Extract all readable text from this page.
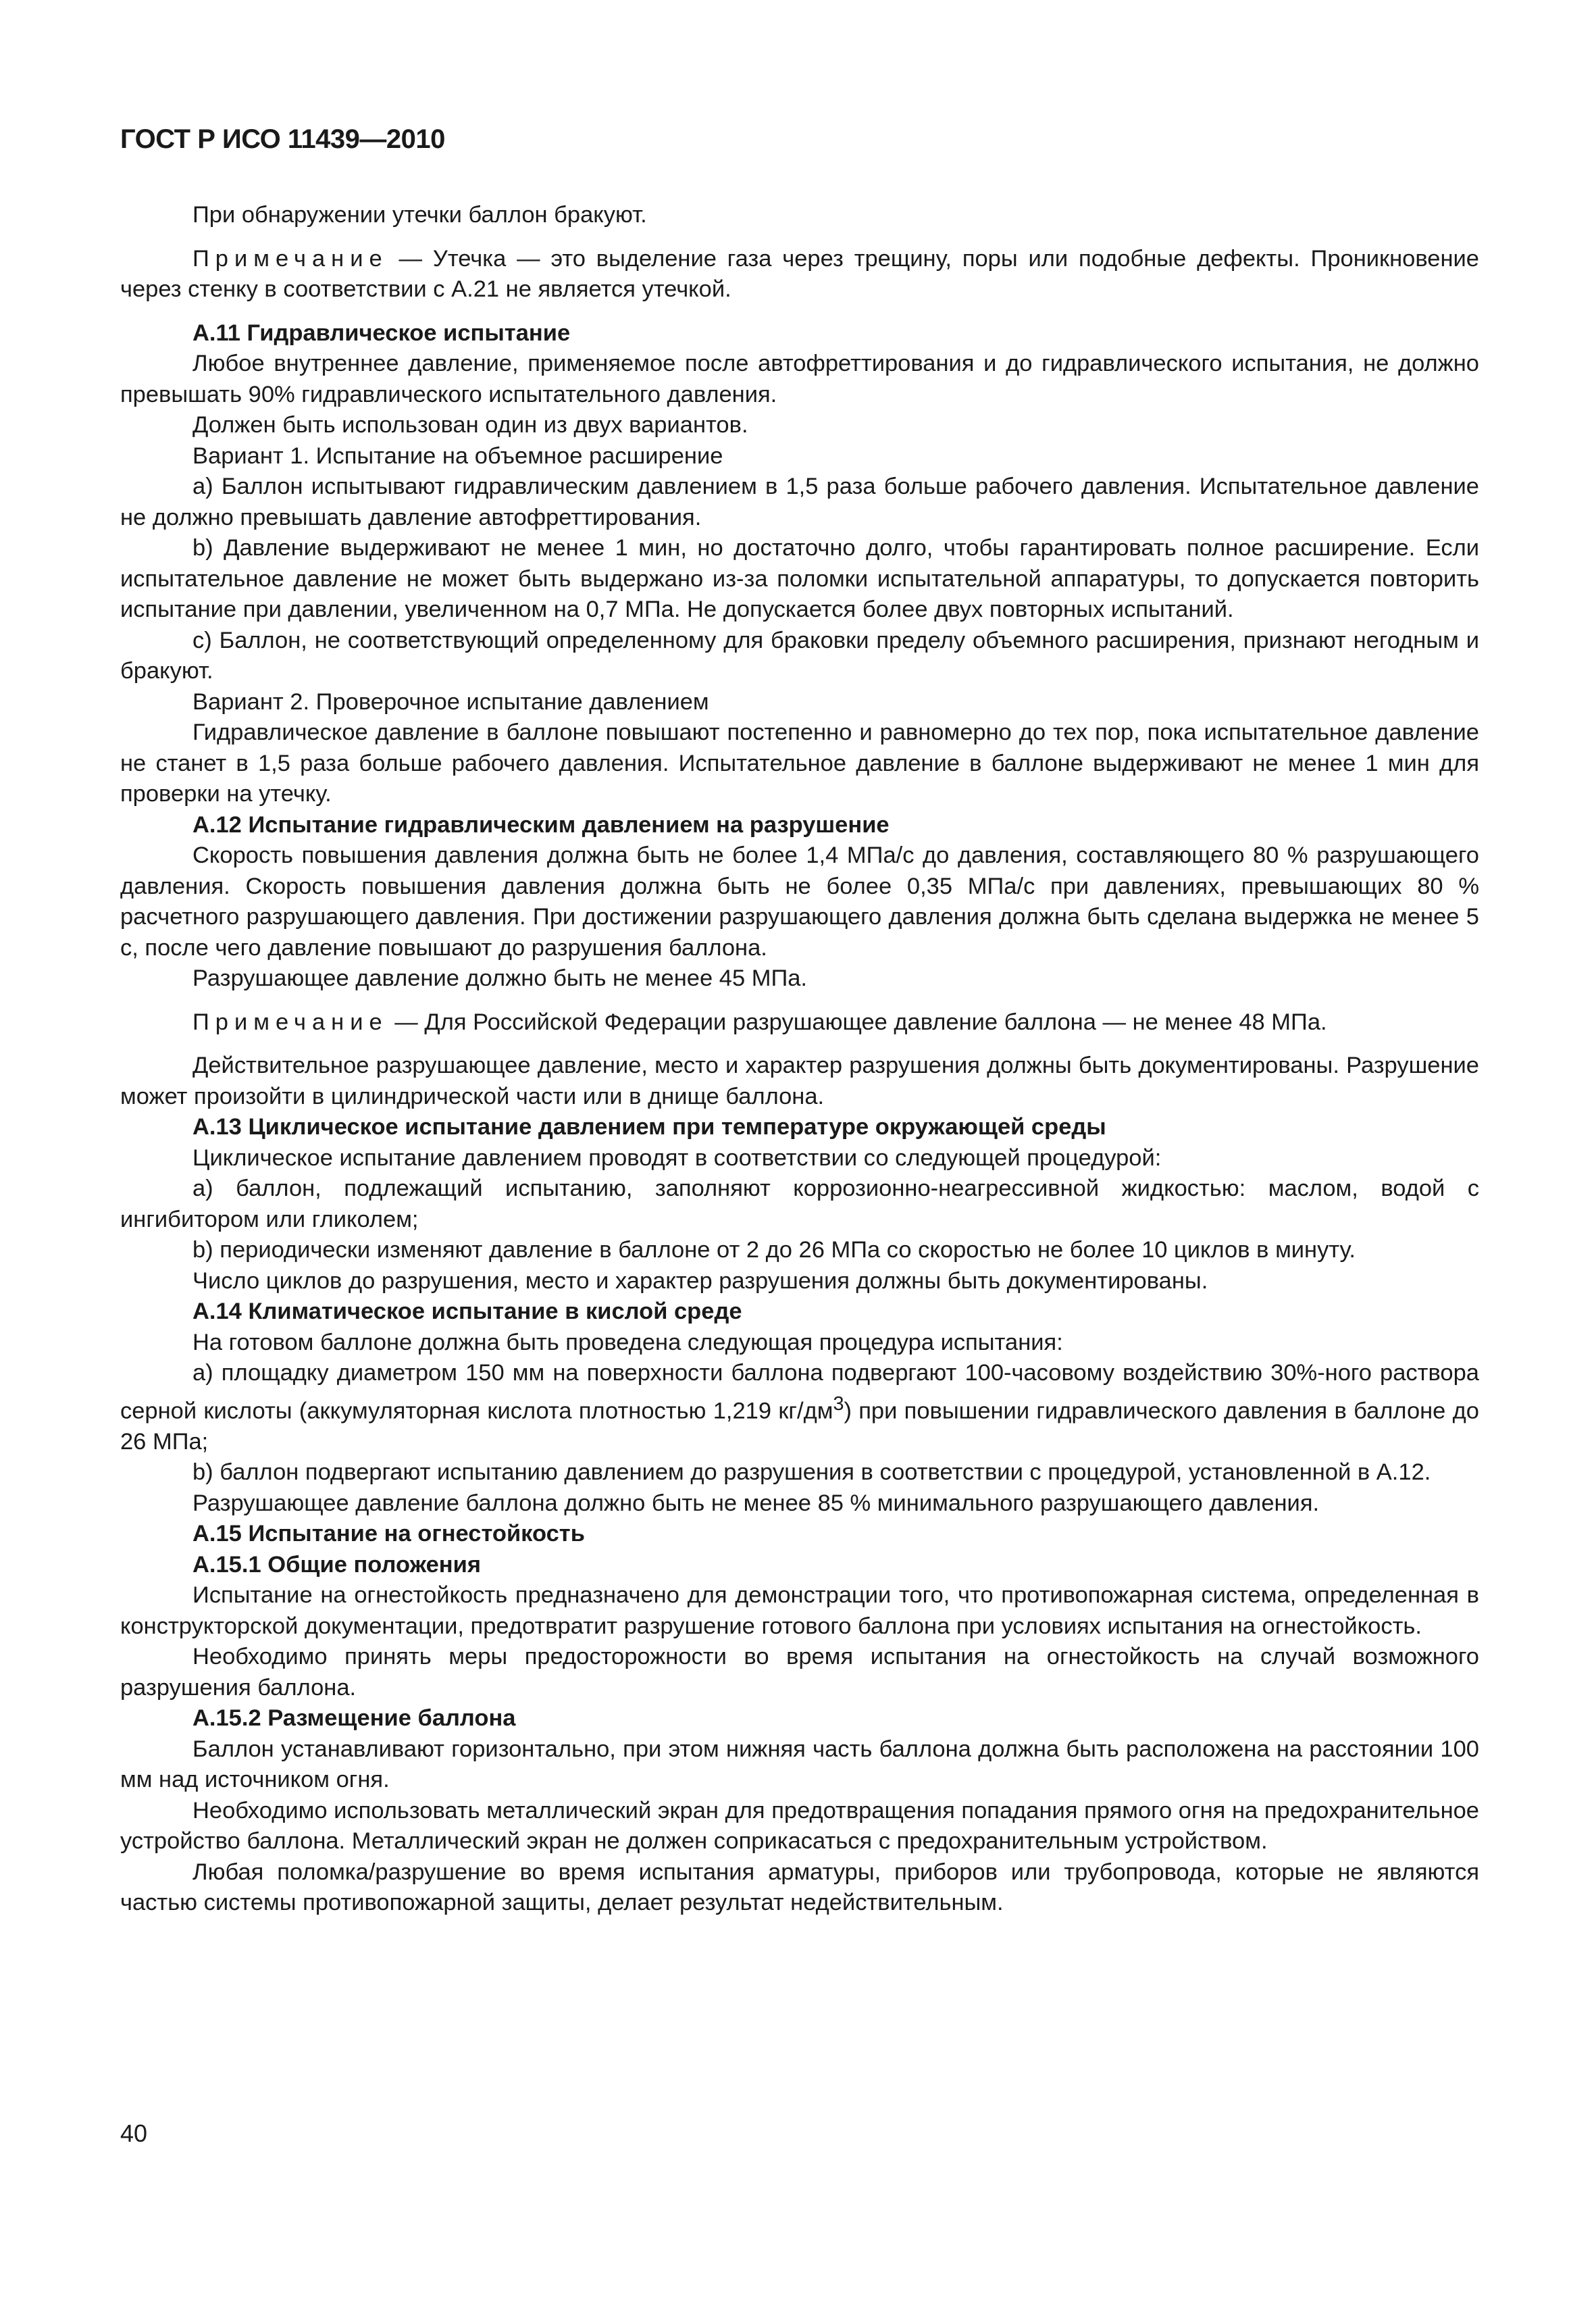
ГОСТ Р ИСО 11439—2010

При обнаружении утечки баллон бракуют.

Примечание — Утечка — это выделение газа через трещину, поры или подобные дефекты. Проникновение через стенку в соответствии с А.21 не является утечкой.

А.11 Гидравлическое испытание

Любое внутреннее давление, применяемое после автофреттирования и до гидравлического испытания, не должно превышать 90% гидравлического испытательного давления.

Должен быть использован один из двух вариантов.

Вариант 1. Испытание на объемное расширение

а) Баллон испытывают гидравлическим давлением в 1,5 раза больше рабочего давления. Испытательное давление не должно превышать давление автофреттирования.

b) Давление выдерживают не менее 1 мин, но достаточно долго, чтобы гарантировать полное расширение. Если испытательное давление не может быть выдержано из-за поломки испытательной аппаратуры, то допускается повторить испытание при давлении, увеличенном на 0,7 МПа. Не допускается более двух повторных испытаний.

с) Баллон, не соответствующий определенному для браковки пределу объемного расширения, признают негодным и бракуют.

Вариант 2. Проверочное испытание давлением

Гидравлическое давление в баллоне повышают постепенно и равномерно до тех пор, пока испытательное давление не станет в 1,5 раза больше рабочего давления. Испытательное давление в баллоне выдерживают не менее 1 мин для проверки на утечку.

А.12 Испытание гидравлическим давлением на разрушение

Скорость повышения давления должна быть не более 1,4 МПа/с до давления, составляющего 80 % разрушающего давления. Скорость повышения давления должна быть не более 0,35 МПа/с при давлениях, превышающих 80 % расчетного разрушающего давления. При достижении разрушающего давления должна быть сделана выдержка не менее 5 с, после чего давление повышают до разрушения баллона.

Разрушающее давление должно быть не менее 45 МПа.

Примечание — Для Российской Федерации разрушающее давление баллона — не менее 48 МПа.

Действительное разрушающее давление, место и характер разрушения должны быть документированы. Разрушение может произойти в цилиндрической части или в днище баллона.

А.13 Циклическое испытание давлением при температуре окружающей среды

Циклическое испытание давлением проводят в соответствии со следующей процедурой:

а) баллон, подлежащий испытанию, заполняют коррозионно-неагрессивной жидкостью: маслом, водой с ингибитором или гликолем;

b) периодически изменяют давление в баллоне от 2 до 26 МПа со скоростью не более 10 циклов в минуту.

Число циклов до разрушения, место и характер разрушения должны быть документированы.

А.14 Климатическое испытание в кислой среде

На готовом баллоне должна быть проведена следующая процедура испытания:

а) площадку диаметром 150 мм на поверхности баллона подвергают 100-часовому воздействию 30%-ного раствора серной кислоты (аккумуляторная кислота плотностью 1,219 $кг/дм^3$) при повышении гидравлического давления в баллоне до 26 МПа;

b) баллон подвергают испытанию давлением до разрушения в соответствии с процедурой, установленной в А.12.

Разрушающее давление баллона должно быть не менее 85 % минимального разрушающего давления.

А.15 Испытание на огнестойкость

А.15.1 Общие положения

Испытание на огнестойкость предназначено для демонстрации того, что противопожарная система, определенная в конструкторской документации, предотвратит разрушение готового баллона при условиях испытания на огнестойкость.

Необходимо принять меры предосторожности во время испытания на огнестойкость на случай возможного разрушения баллона.

А.15.2 Размещение баллона

Баллон устанавливают горизонтально, при этом нижняя часть баллона должна быть расположена на расстоянии 100 мм над источником огня.

Необходимо использовать металлический экран для предотвращения попадания прямого огня на предохранительное устройство баллона. Металлический экран не должен соприкасаться с предохранительным устройством.

Любая поломка/разрушение во время испытания арматуры, приборов или трубопровода, которые не являются частью системы противопожарной защиты, делает результат недействительным.

40
